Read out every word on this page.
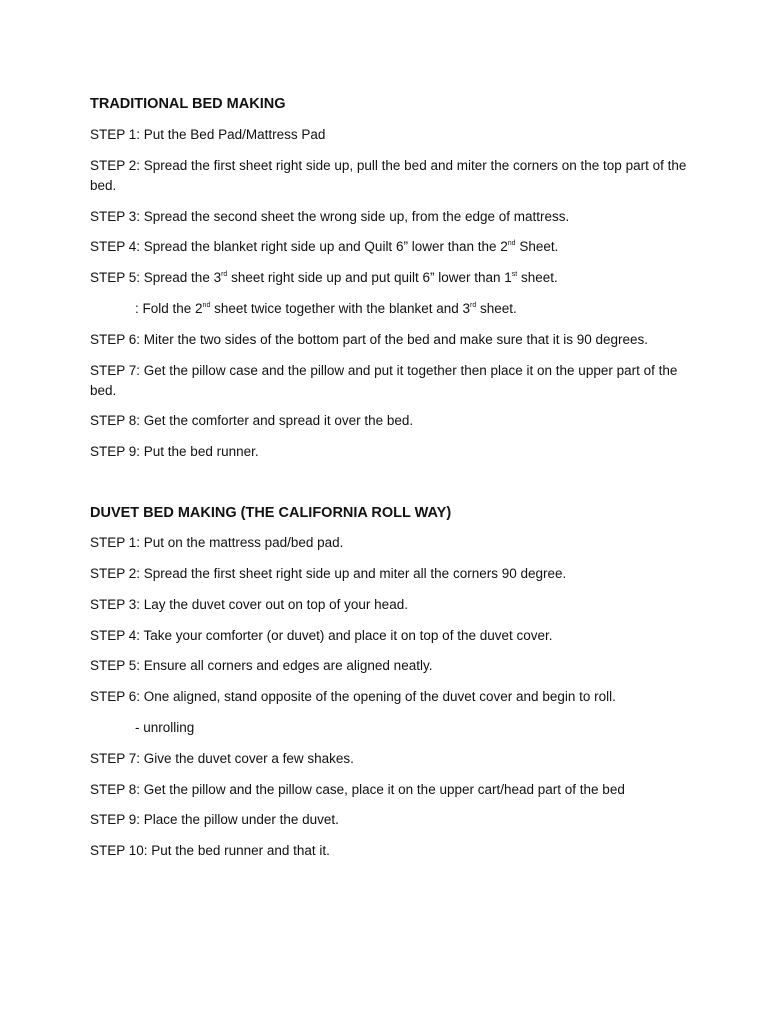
TRADITIONAL BED MAKING

STEP 1: Put the Bed Pad/Mattress Pad

STEP 2: Spread the first sheet right side up, pull the bed and miter the corners on the top part of the bed.

STEP 3: Spread the second sheet the wrong side up, from the edge of mattress.

STEP 4: Spread the blanket right side up and Quilt 6” lower than the 2nd Sheet.

STEP 5: Spread the 3rd sheet right side up and put quilt 6” lower than 1st sheet.

: Fold the 2nd sheet twice together with the blanket and 3rd sheet.

STEP 6: Miter the two sides of the bottom part of the bed and make sure that it is 90 degrees.

STEP 7: Get the pillow case and the pillow and put it together then place it on the upper part of the bed.

STEP 8: Get the comforter and spread it over the bed.

STEP 9: Put the bed runner.

DUVET BED MAKING (THE CALIFORNIA ROLL WAY)

STEP 1: Put on the mattress pad/bed pad.

STEP 2: Spread the first sheet right side up and miter all the corners 90 degree.

STEP 3: Lay the duvet cover out on top of your head.

STEP 4: Take your comforter (or duvet) and place it on top of the duvet cover.

STEP 5: Ensure all corners and edges are aligned neatly.

STEP 6: One aligned, stand opposite of the opening of the duvet cover and begin to roll.

- unrolling

STEP 7: Give the duvet cover a few shakes.

STEP 8: Get the pillow and the pillow case, place it on the upper cart/head part of the bed

STEP 9: Place the pillow under the duvet.

STEP 10: Put the bed runner and that it.
